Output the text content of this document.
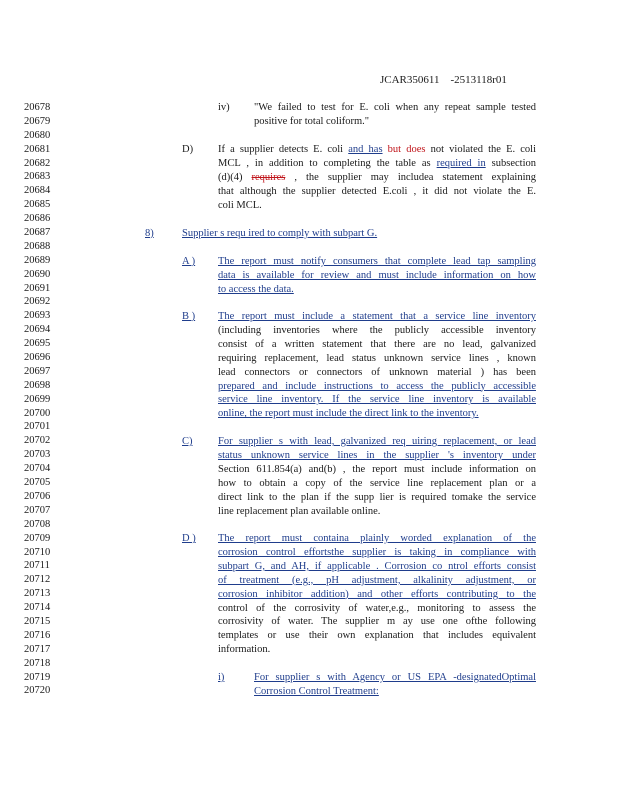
JCAR350611 -2513118r01
20678
20679
20680
20681
20682
20683
20684
20685
20686
20687
20688
20689
20690
20691
20692
20693
20694
20695
20696
20697
20698
20699
20700
20701
20702
20703
20704
20705
20706
20707
20708
20709
20710
20711
20712
20713
20714
20715
20716
20717
20718
20719
20720
iv) "We failed to test for E. coli when any repeat sample tested
positive for total coliform."
D) If a supplier detects E. coli and has but does not violated the E. coli
MCL , in addition to completing the table as required in subsection
(d)(4) requires , the supplier may includea statement explaining
that although the supplier detected E.coli , it did not violate the E.
coli MCL.
8)	Supplier s requ ired to comply with subpart G.
A ) The report must notify consumers that complete lead tap sampling
data is available for review and must include information on how
to access the data.
B ) The report must include a statement that a service line inventory
(including inventories where the publicly accessible inventory
consist of a written statement that there are no lead, galvanized
requiring replacement, lead status unknown service lines , known
lead connectors or connectors of unknown material ) has been
prepared and include instructions to access the publicly accessible
service line inventory. If the service line inventory is available
online, the report must include the direct link to the inventory.
C) For supplier s with lead, galvanized req uiring replacement, or lead
status unknown service lines in the supplier 's inventory under
Section 611.854(a) and(b) , the report must include information on
how to obtain a copy of the service line replacement plan or a
direct link to the plan if the supp lier is required tomake the service
line replacement plan available online.
D ) The report must containa plainly worded explanation of the
corrosion control effortsthe supplier is taking in compliance with
subpart G, and AH, if applicable . Corrosion co ntrol efforts consist
of treatment (e.g., pH adjustment, alkalinity adjustment, or
corrosion inhibitor addition) and other efforts contributing to the
control of the corrosivity of water,e.g., monitoring to assess the
corrosivity of water. The supplier m ay use one ofthe following
templates or use their own explanation that includes equivalent
information.
i)	For supplier s with Agency or US EPA -designatedOptimal
Corrosion Control Treatment:
